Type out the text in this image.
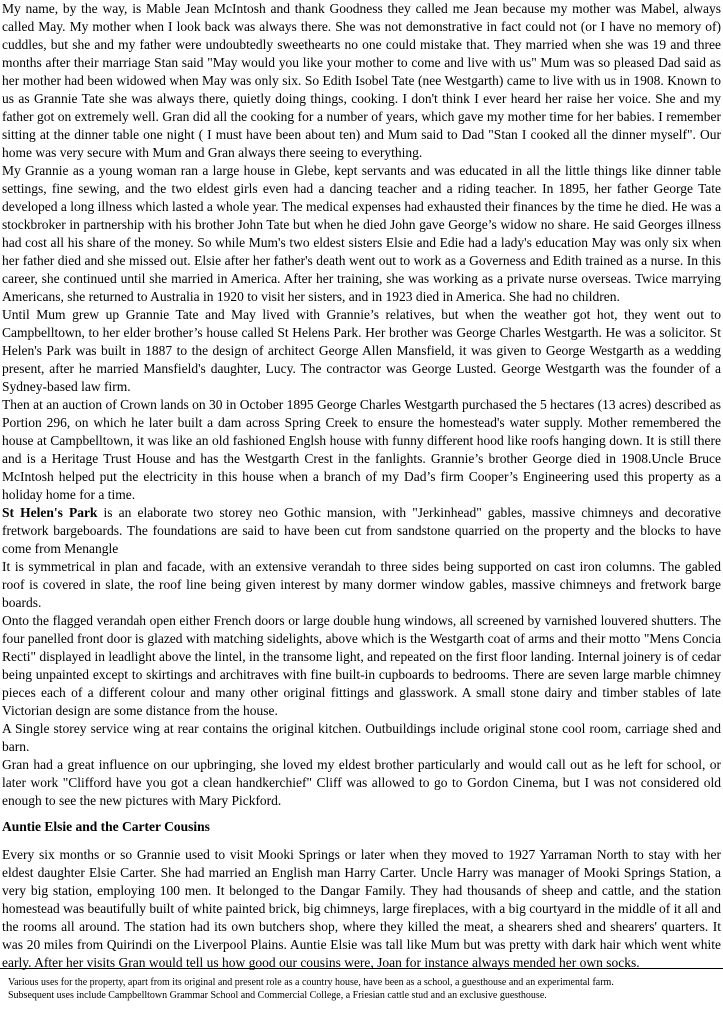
My name, by the way, is Mable Jean McIntosh and thank Goodness they called me Jean because my mother was Mabel, always called May. My mother when I look back was always there. She was not demonstrative in fact could not (or I have no memory of) cuddles, but she and my father were undoubtedly sweethearts no one could mistake that. They married when she was 19 and three months after their marriage Stan said "May would you like your mother to come and live with us" Mum was so pleased Dad said as her mother had been widowed when May was only six. So Edith Isobel Tate (nee Westgarth) came to live with us in 1908. Known to us as Grannie Tate she was always there, quietly doing things, cooking. I don't think I ever heard her raise her voice. She and my father got on extremely well. Gran did all the cooking for a number of years, which gave my mother time for her babies. I remember sitting at the dinner table one night ( I must have been about ten) and Mum said to Dad "Stan I cooked all the dinner myself". Our home was very secure with Mum and Gran always there seeing to everything.

My Grannie as a young woman ran a large house in Glebe, kept servants and was educated in all the little things like dinner table settings, fine sewing, and the two eldest girls even had a dancing teacher and a riding teacher. In 1895, her father George Tate developed a long illness which lasted a whole year. The medical expenses had exhausted their finances by the time he died. He was a stockbroker in partnership with his brother John Tate but when he died John gave George’s widow no share. He said Georges illness had cost all his share of the money. So while Mum's two eldest sisters Elsie and Edie had a lady's education May was only six when her father died and she missed out. Elsie after her father's death went out to work as a Governess and Edith trained as a nurse. In this career, she continued until she married in America. After her training, she was working as a private nurse overseas. Twice marrying Americans, she returned to Australia in 1920 to visit her sisters, and in 1923 died in America. She had no children.

Until Mum grew up Grannie Tate and May lived with Grannie’s relatives, but when the weather got hot, they went out to Campbelltown, to her elder brother’s house called St Helens Park. Her brother was George Charles Westgarth. He was a solicitor. St Helen's Park was built in 1887 to the design of architect George Allen Mansfield, it was given to George Westgarth as a wedding present, after he married Mansfield's daughter, Lucy. The contractor was George Lusted. George Westgarth was the founder of a Sydney-based law firm.

Then at an auction of Crown lands on 30 in October 1895 George Charles Westgarth purchased the 5 hectares (13 acres) described as Portion 296, on which he later built a dam across Spring Creek to ensure the homestead's water supply. Mother remembered the house at Campbelltown, it was like an old fashioned Englsh house with funny different hood like roofs hanging down. It is still there and is a Heritage Trust House and has the Westgarth Crest in the fanlights. Grannie’s brother George died in 1908.Uncle Bruce McIntosh helped put the electricity in this house when a branch of my Dad’s firm Cooper’s Engineering used this property as a holiday home for a time.

St Helen's Park is an elaborate two storey neo Gothic mansion, with "Jerkinhead" gables, massive chimneys and decorative fretwork bargeboards. The foundations are said to have been cut from sandstone quarried on the property and the blocks to have come from Menangle

It is symmetrical in plan and facade, with an extensive verandah to three sides being supported on cast iron columns. The gabled roof is covered in slate, the roof line being given interest by many dormer window gables, massive chimneys and fretwork barge boards.

Onto the flagged verandah open either French doors or large double hung windows, all screened by varnished louvered shutters. The four panelled front door is glazed with matching sidelights, above which is the Westgarth coat of arms and their motto "Mens Concia Recti" displayed in leadlight above the lintel, in the transome light, and repeated on the first floor landing. Internal joinery is of cedar being unpainted except to skirtings and architraves with fine built-in cupboards to bedrooms. There are seven large marble chimney pieces each of a different colour and many other original fittings and glasswork. A small stone dairy and timber stables of late Victorian design are some distance from the house.

A Single storey service wing at rear contains the original kitchen. Outbuildings include original stone cool room, carriage shed and barn.

Gran had a great influence on our upbringing, she loved my eldest brother particularly and would call out as he left for school, or later work "Clifford have you got a clean handkerchief" Cliff was allowed to go to Gordon Cinema, but I was not considered old enough to see the new pictures with Mary Pickford.

Auntie Elsie and the Carter Cousins

Every six months or so Grannie used to visit Mooki Springs or later when they moved to 1927 Yarraman North to stay with her eldest daughter Elsie Carter. She had married an English man Harry Carter. Uncle Harry was manager of Mooki Springs Station, a very big station, employing 100 men. It belonged to the Dangar Family. They had thousands of sheep and cattle, and the station homestead was beautifully built of white painted brick, big chimneys, large fireplaces, with a big courtyard in the middle of it all and the rooms all around. The station had its own butchers shop, where they killed the meat, a shearers shed and shearers' quarters. It was 20 miles from Quirindi on the Liverpool Plains. Auntie Elsie was tall like Mum but was pretty with dark hair which went white early. After her visits Gran would tell us how good our cousins were, Joan for instance always mended her own socks.

Various uses for the property, apart from its original and present role as a country house, have been as a school, a guesthouse and an experimental farm.

Subsequent uses include Campbelltown Grammar School and Commercial College, a Friesian cattle stud and an exclusive guesthouse.
